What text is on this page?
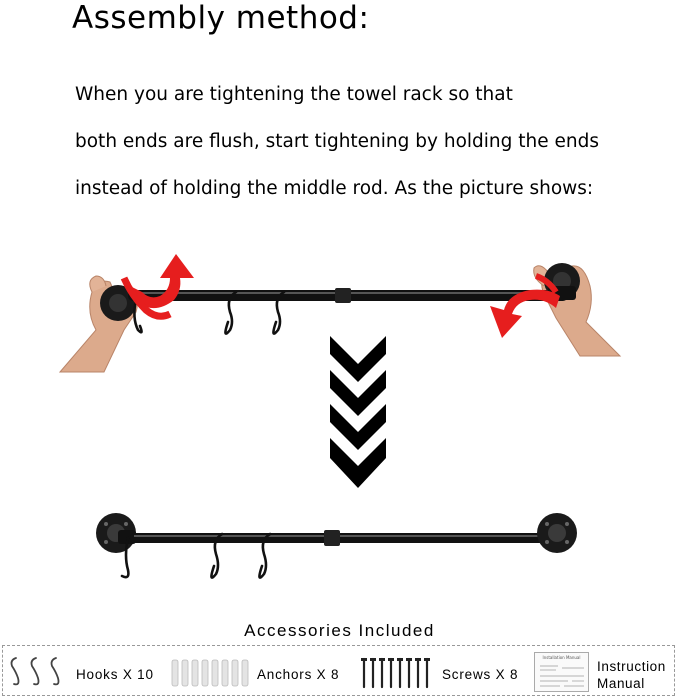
Assembly method:
When you are tightening the towel rack so that
both ends are flush, start tightening by holding the ends
instead of holding the middle rod. As the picture shows:
Accessories Included
Hooks X 10	Anchors X 8	Screws X 8
Installation Manual
Instruction Manual
